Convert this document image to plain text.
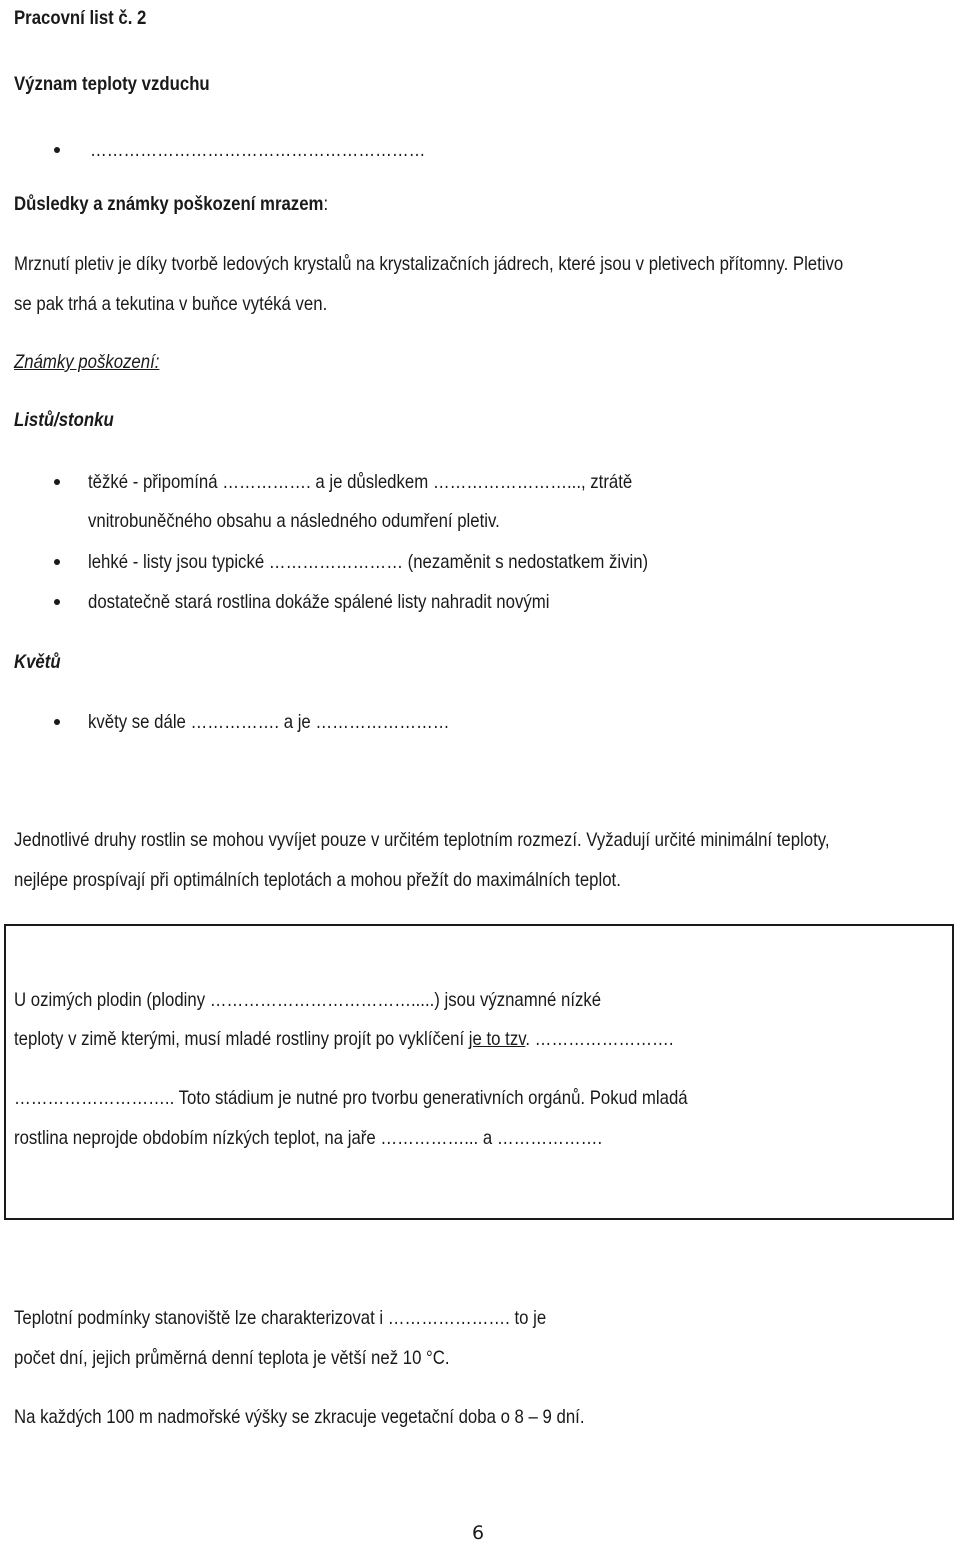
Pracovní list č. 2
Význam teploty vzduchu
……………………………………………………
Důsledky a známky poškození mrazem:
Mrznutí pletiv je díky tvorbě ledových krystalů na krystalizačních jádrech, které jsou v pletivech přítomny. Pletivo
se pak trhá a tekutina v buňce vytéká ven.
Známky poškození:
Listů/stonku
těžké - připomíná ……………. a je důsledkem ……………………..., ztrátě
vnitrobuněčného obsahu a následného odumření pletiv.
lehké - listy jsou typické …………………… (nezaměnit s nedostatkem živin)
dostatečně stará rostlina dokáže spálené listy nahradit novými
Květů
květy se dále ……………. a je ……………………
Jednotlivé druhy rostlin se mohou vyvíjet pouze v určitém teplotním rozmezí. Vyžadují určité minimální teploty,
nejlépe prospívají při optimálních teplotách a mohou přežít do maximálních teplot.
U ozimých plodin (plodiny ……………………………….....) jsou významné nízké
teploty v zimě kterými, musí mladé rostliny projít po vyklíčení je to tzv. …………………….
……………………….. Toto stádium je nutné pro tvorbu generativních orgánů. Pokud mladá
rostlina neprojde obdobím nízkých teplot, na jaře ……………... a ……………….
Teplotní podmínky stanoviště lze charakterizovat i …………………. to je
počet dní, jejich průměrná denní teplota je větší než 10 °C.
Na každých 100 m nadmořské výšky se zkracuje vegetační doba o 8 – 9 dní.
6
